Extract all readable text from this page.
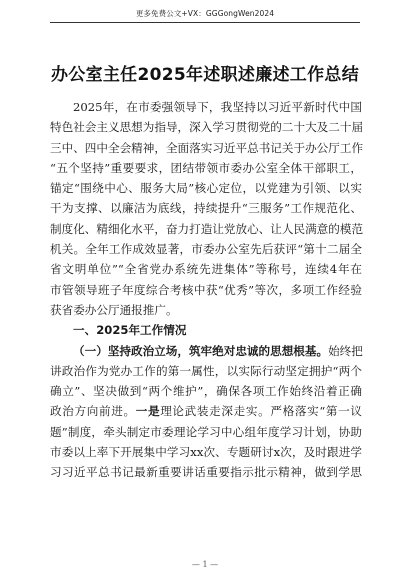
更多免费公文+VX：GGGongWen2024
办公室主任2025年述职述廉述工作总结
2025年，在市委强领导下，我坚持以习近平新时代中国
特色社会主义思想为指导，深入学习贯彻党的二十大及二十届
三中、四中全会精神，全面落实习近平总书记关于办公厅工作
“五个坚持”重要要求，团结带领市委办公室全体干部职工，
锚定“围绕中心、服务大局”核心定位，以党建为引领、以实
干为支撑、以廉洁为底线，持续提升“三服务”工作规范化、
制度化、精细化水平，奋力打造让党放心、让人民满意的模范
机关。全年工作成效显著，市委办公室先后获评“第十二届全
省文明单位”“全省党办系统先进集体”等称号，连续4年在
市管领导班子年度综合考核中获“优秀”等次，多项工作经验
获省委办公厅通报推广。
一、2025年工作情况
（一）坚持政治立场，筑牢绝对忠诚的思想根基。始终把
讲政治作为党办工作的第一属性，以实际行动坚定拥护“两个
确立”、坚决做到“两个维护”，确保各项工作始终沿着正确
政治方向前进。一是理论武装走深走实。严格落实“第一议
题”制度，牵头制定市委理论学习中心组年度学习计划，协助
市委以上率下开展集中学习xx次、专题研讨x次，及时跟进学
习习近平总书记最新重要讲话重要指示批示精神，做到学思
— 1 —
